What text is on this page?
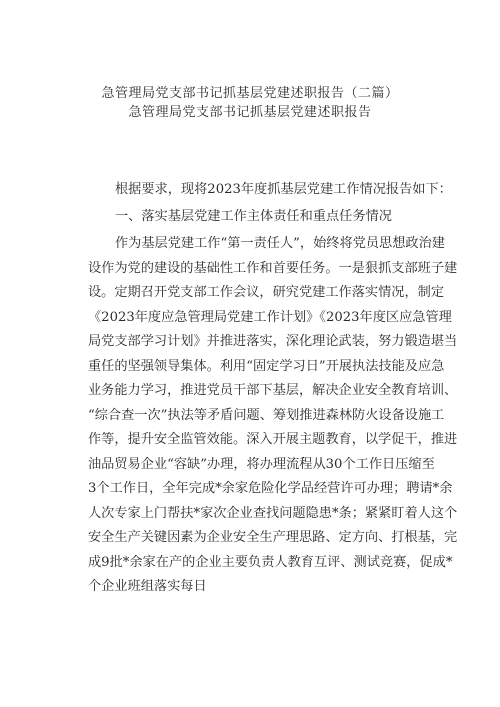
急管理局党支部书记抓基层党建述职报告（二篇）
急管理局党支部书记抓基层党建述职报告
根据要求，现将2023年度抓基层党建工作情况报告如下：
一、落实基层党建工作主体责任和重点任务情况
作为基层党建工作“第一责任人”，始终将党员思想政治建
设作为党的建设的基础性工作和首要任务。一是狠抓支部班子建
设。定期召开党支部工作会议，研究党建工作落实情况，制定
《2023年度应急管理局党建工作计划》《2023年度区应急管理
局党支部学习计划》并推进落实，深化理论武装，努力锻造堪当
重任的坚强领导集体。利用“固定学习日”开展执法技能及应急
业务能力学习，推进党员干部下基层，解决企业安全教育培训、
“综合查一次”执法等矛盾问题、筹划推进森林防火设备设施工
作等，提升安全监管效能。深入开展主题教育，以学促干，推进
油品贸易企业“容缺”办理，将办理流程从30个工作日压缩至
3个工作日，全年完成*余家危险化学品经营许可办理；聘请*余
人次专家上门帮扶*家次企业查找问题隐患*条；紧紧盯着人这个
安全生产关键因素为企业安全生产理思路、定方向、打根基，完
成9批*余家在产的企业主要负责人教育互评、测试竞赛，促成*
个企业班组落实每日
